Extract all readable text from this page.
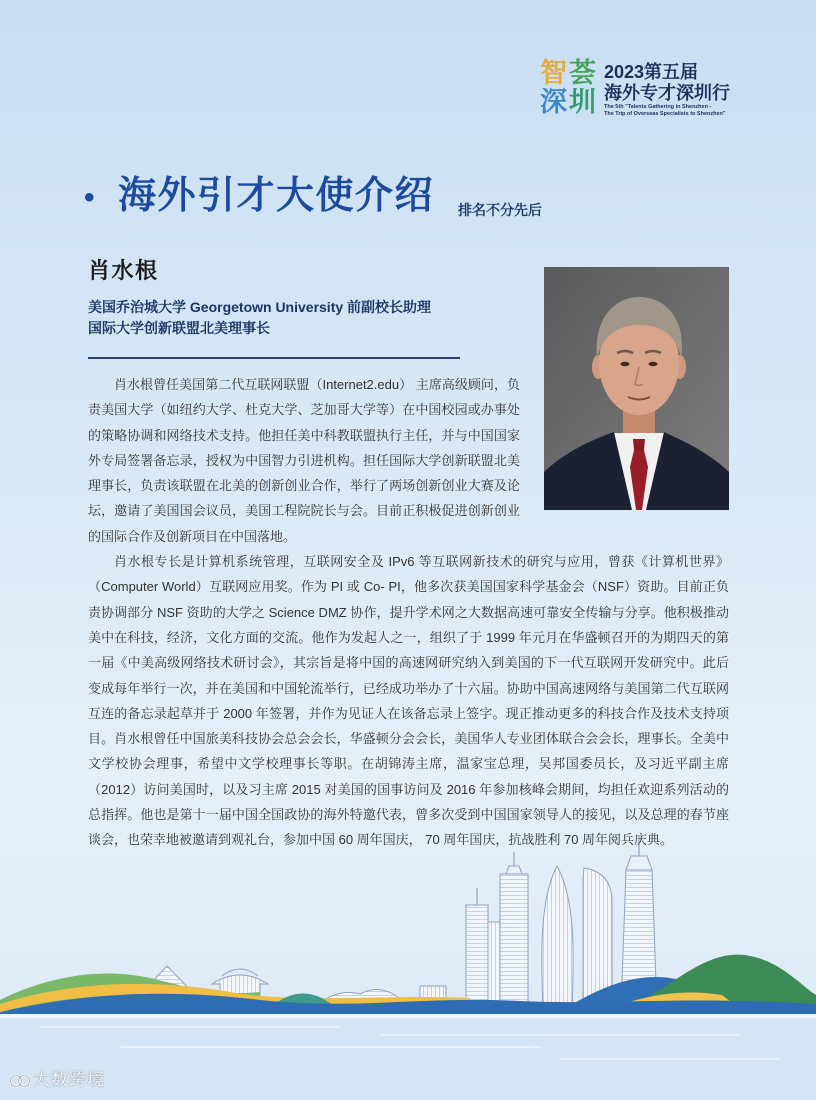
智 荟
深 圳
2023第五届
海外专才深圳行
The 5th "Talents Gathering in Shenzhen -
The Trip of Overseas Specialists to Shenzhen"
• 海外引才大使介绍 排名不分先后
肖水根
美国乔治城大学 Georgetown University 前副校长助理
国际大学创新联盟北美理事长

肖水根曾任美国第二代互联网联盟（Internet2.edu） 主席高级顾问，负责美国大学（如纽约大学、杜克大学、芝加哥大学等）在中国校园或办事处的策略协调和网络技术支持。他担任美中科教联盟执行主任，并与中国国家外专局签署备忘录，授权为中国智力引进机构。担任国际大学创新联盟北美理事长，负责该联盟在北美的创新创业合作，举行了两场创新创业大赛及论坛，邀请了美国国会议员，美国工程院院长与会。目前正积极促进创新创业的国际合作及创新项目在中国落地。

肖水根专长是计算机系统管理，互联网安全及 IPv6 等互联网新技术的研究与应用，曾获《计算机世界》（Computer World）互联网应用奖。作为 PI 或 Co- PI，他多次获美国国家科学基金会（NSF）资助。目前正负责协调部分 NSF 资助的大学之 Science DMZ 协作，提升学术网之大数据高速可靠安全传输与分享。他积极推动美中在科技，经济，文化方面的交流。他作为发起人之一，组织了于 1999 年元月在华盛顿召开的为期四天的第一届《中美高级网络技术研讨会》，其宗旨是将中国的高速网研究纳入到美国的下一代互联网开发研究中。此后变成每年举行一次，并在美国和中国轮流举行，已经成功举办了十六届。协助中国高速网络与美国第二代互联网互连的备忘录起草并于 2000 年签署，并作为见证人在该备忘录上签字。现正推动更多的科技合作及技术支持项目。肖水根曾任中国旅美科技协会总会会长，华盛顿分会会长，美国华人专业团体联合会会长，理事长。全美中文学校协会理事，希望中文学校理事长等职。在胡锦涛主席，温家宝总理，吴邦国委员长，及习近平副主席（2012）访问美国时，以及习主席 2015 对美国的国事访问及 2016 年参加核峰会期间，均担任欢迎系列活动的总指挥。他也是第十一届中国全国政协的海外特邀代表，曾多次受到中国国家领导人的接见，以及总理的春节座谈会，也荣幸地被邀请到观礼台，参加中国 60 周年国庆， 70 周年国庆，抗战胜利 70 周年阅兵庆典。

大数跨境
